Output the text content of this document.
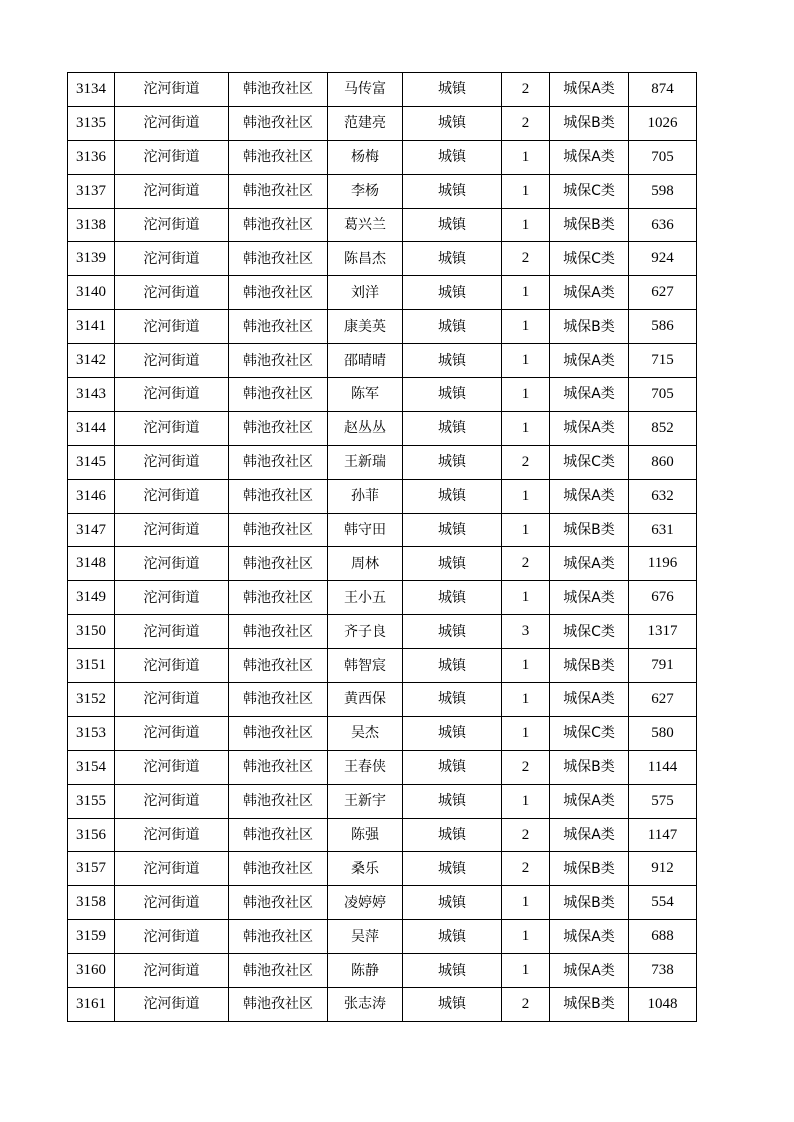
3134	沱河街道	韩池孜社区	马传富	城镇	2	城保A类	874
3135	沱河街道	韩池孜社区	范建亮	城镇	2	城保B类	1026
3136	沱河街道	韩池孜社区	杨梅	城镇	1	城保A类	705
3137	沱河街道	韩池孜社区	李杨	城镇	1	城保C类	598
3138	沱河街道	韩池孜社区	葛兴兰	城镇	1	城保B类	636
3139	沱河街道	韩池孜社区	陈昌杰	城镇	2	城保C类	924
3140	沱河街道	韩池孜社区	刘洋	城镇	1	城保A类	627
3141	沱河街道	韩池孜社区	康美英	城镇	1	城保B类	586
3142	沱河街道	韩池孜社区	邵晴晴	城镇	1	城保A类	715
3143	沱河街道	韩池孜社区	陈军	城镇	1	城保A类	705
3144	沱河街道	韩池孜社区	赵丛丛	城镇	1	城保A类	852
3145	沱河街道	韩池孜社区	王新瑞	城镇	2	城保C类	860
3146	沱河街道	韩池孜社区	孙菲	城镇	1	城保A类	632
3147	沱河街道	韩池孜社区	韩守田	城镇	1	城保B类	631
3148	沱河街道	韩池孜社区	周林	城镇	2	城保A类	1196
3149	沱河街道	韩池孜社区	王小五	城镇	1	城保A类	676
3150	沱河街道	韩池孜社区	齐子良	城镇	3	城保C类	1317
3151	沱河街道	韩池孜社区	韩智宸	城镇	1	城保B类	791
3152	沱河街道	韩池孜社区	黄西保	城镇	1	城保A类	627
3153	沱河街道	韩池孜社区	吴杰	城镇	1	城保C类	580
3154	沱河街道	韩池孜社区	王春侠	城镇	2	城保B类	1144
3155	沱河街道	韩池孜社区	王新宇	城镇	1	城保A类	575
3156	沱河街道	韩池孜社区	陈强	城镇	2	城保A类	1147
3157	沱河街道	韩池孜社区	桑乐	城镇	2	城保B类	912
3158	沱河街道	韩池孜社区	凌婷婷	城镇	1	城保B类	554
3159	沱河街道	韩池孜社区	吴萍	城镇	1	城保A类	688
3160	沱河街道	韩池孜社区	陈静	城镇	1	城保A类	738
3161	沱河街道	韩池孜社区	张志涛	城镇	2	城保B类	1048
